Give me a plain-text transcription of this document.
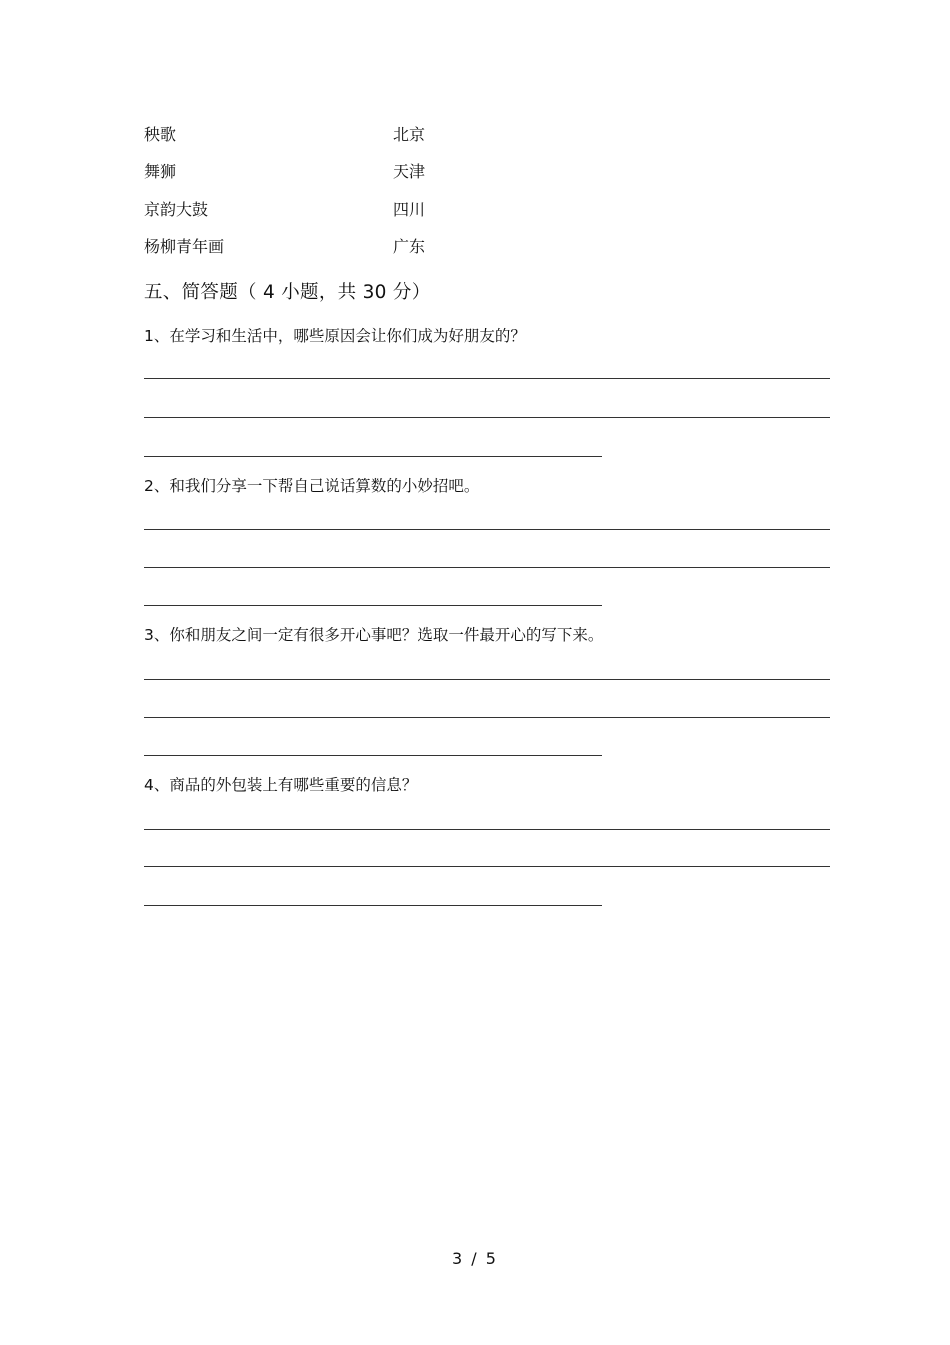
秧歌	北京
舞狮	天津
京韵大鼓	四川
杨柳青年画	广东
五、简答题（ 4 小题，共 30 分）
1、在学习和生活中，哪些原因会让你们成为好朋友的？
2、和我们分享一下帮自己说话算数的小妙招吧。
3、你和朋友之间一定有很多开心事吧？选取一件最开心的写下来。
4、商品的外包装上有哪些重要的信息？
3 / 5
